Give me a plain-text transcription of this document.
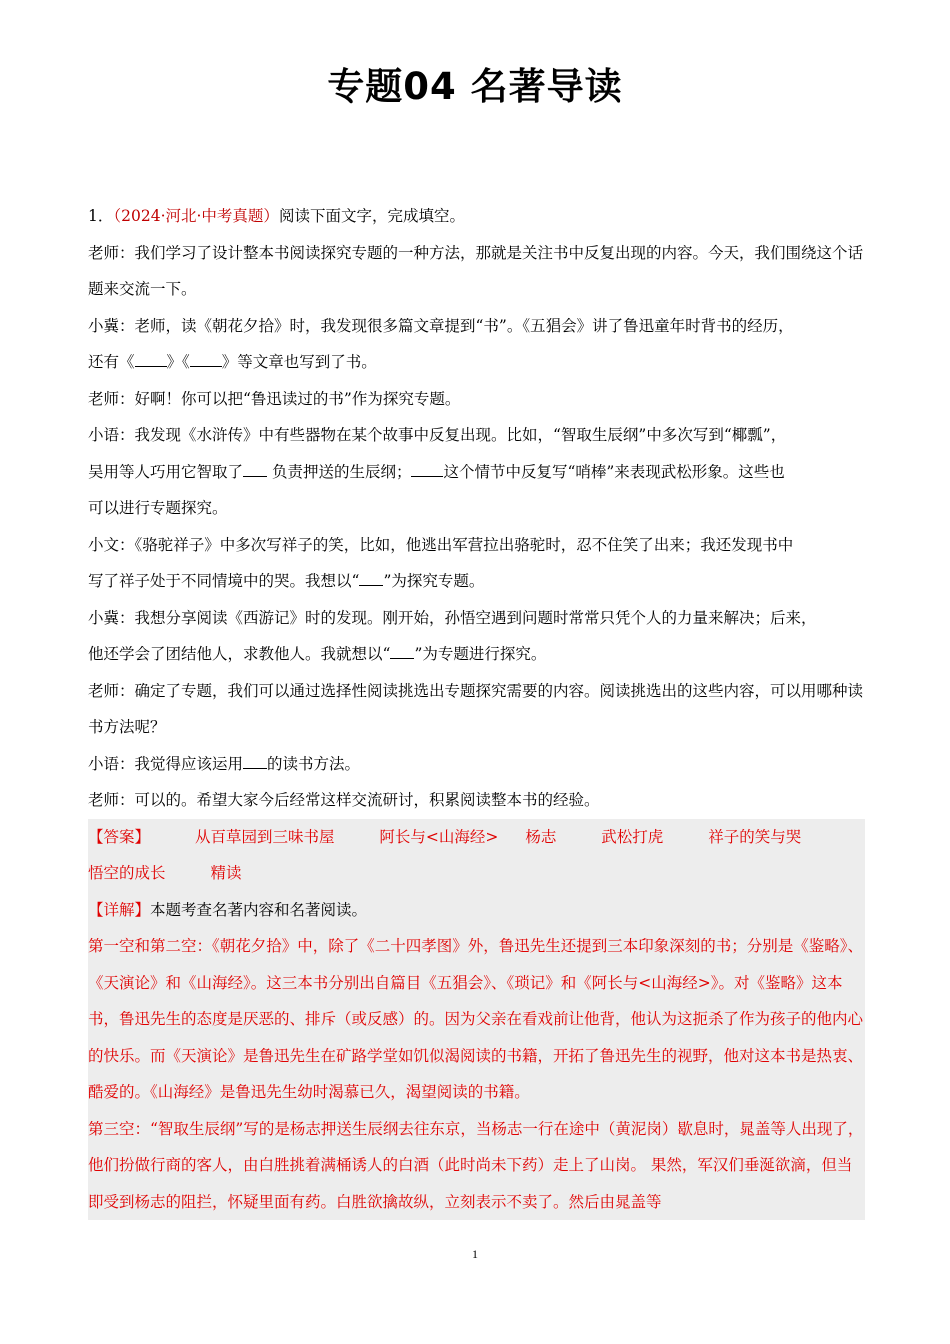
专题04 名著导读

1．（2024·河北·中考真题）阅读下面文字，完成填空。

老师：我们学习了设计整本书阅读探究专题的一种方法，那就是关注书中反复出现的内容。今天，我们围绕这个话题来交流一下。

小冀：老师，读《朝花夕拾》时，我发现很多篇文章提到“书”。《五猖会》讲了鲁迅童年时背书的经历，

还有《 》《 》等文章也写到了书。

老师：好啊！你可以把“鲁迅读过的书”作为探究专题。

小语：我发现《水浒传》中有些器物在某个故事中反复出现。比如，“智取生辰纲”中多次写到“椰瓢”，

吴用等人巧用它智取了 负责押送的生辰纲； 这个情节中反复写“哨棒”来表现武松形象。这些也

可以进行专题探究。

小文：《骆驼祥子》中多次写祥子的笑，比如，他逃出军营拉出骆驼时，忍不住笑了出来；我还发现书中

写了祥子处于不同情境中的哭。我想以“ ”为探究专题。

小冀：我想分享阅读《西游记》时的发现。刚开始，孙悟空遇到问题时常常只凭个人的力量来解决；后来，

他还学会了团结他人，求教他人。我就想以“ ”为专题进行探究。

老师：确定了专题，我们可以通过选择性阅读挑选出专题探究需要的内容。阅读挑选出的这些内容，可以用哪种读书方法呢？

小语：我觉得应该运用 的读书方法。

老师：可以的。希望大家今后经常这样交流研讨，积累阅读整本书的经验。

【答案】	从百草园到三味书屋	阿长与<山海经> 杨志	武松打虎	祥子的笑与哭

悟空的成长	精读

【详解】本题考查名著内容和名著阅读。

第一空和第二空：《朝花夕拾》中，除了《二十四孝图》外，鲁迅先生还提到三本印象深刻的书；分别是《鉴略》、《天演论》和《山海经》。这三本书分别出自篇目《五猖会》、《琐记》和《阿长与<山海经>》。对《鉴略》这本书，鲁迅先生的态度是厌恶的、排斥（或反感）的。因为父亲在看戏前让他背，他认为这扼杀了作为孩子的他内心的快乐。而《天演论》是鲁迅先生在矿路学堂如饥似渴阅读的书籍，开拓了鲁迅先生的视野，他对这本书是热衷、酷爱的。《山海经》是鲁迅先生幼时渴慕已久，渴望阅读的书籍。

第三空：“智取生辰纲”写的是杨志押送生辰纲去往东京，当杨志一行在途中（黄泥岗）歇息时，晁盖等人出现了，他们扮做行商的客人，由白胜挑着满桶诱人的白酒（此时尚未下药）走上了山岗。 果然，军汉们垂涎欲滴，但当即受到杨志的阻拦，怀疑里面有药。白胜欲擒故纵，立刻表示不卖了。然后由晁盖等

1
